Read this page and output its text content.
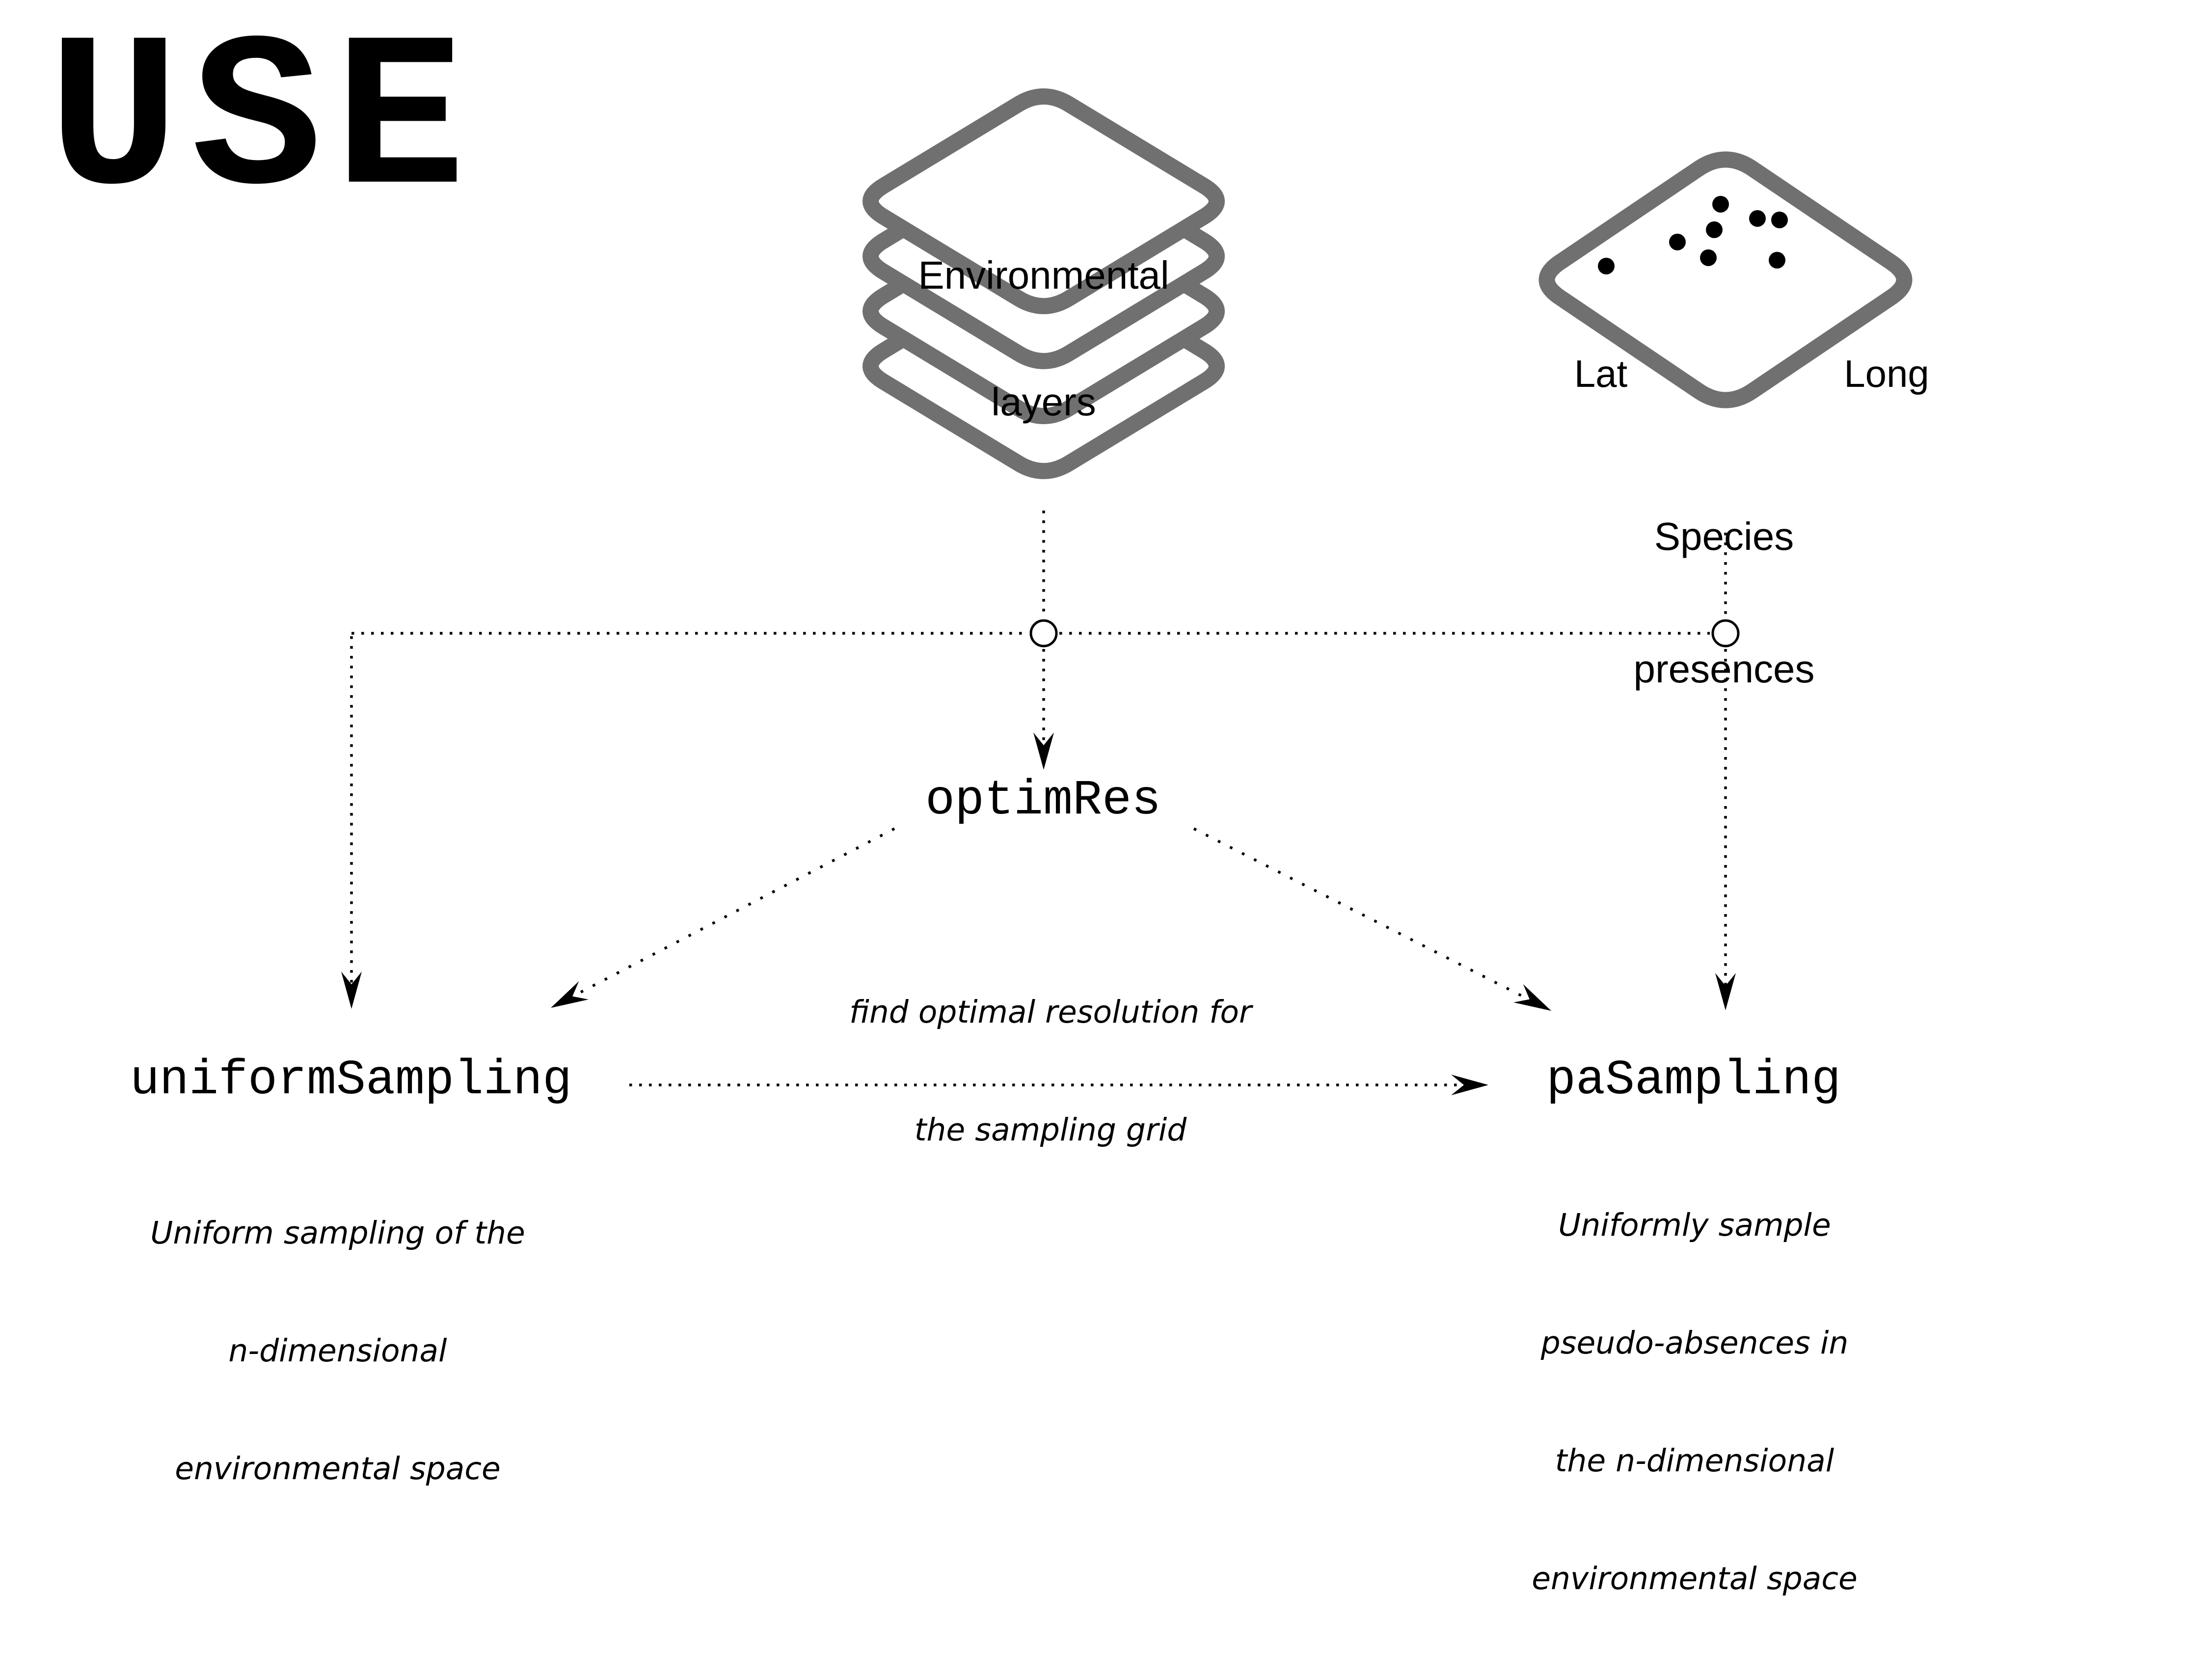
USE

Environmental

layers

Lat	Long

Species

presences

optimRes

find optimal resolution for

the sampling grid

uniformSampling

Uniform sampling of the

n-dimensional

environmental space

paSampling

Uniformly sample

pseudo-absences in

the n-dimensional

environmental space
